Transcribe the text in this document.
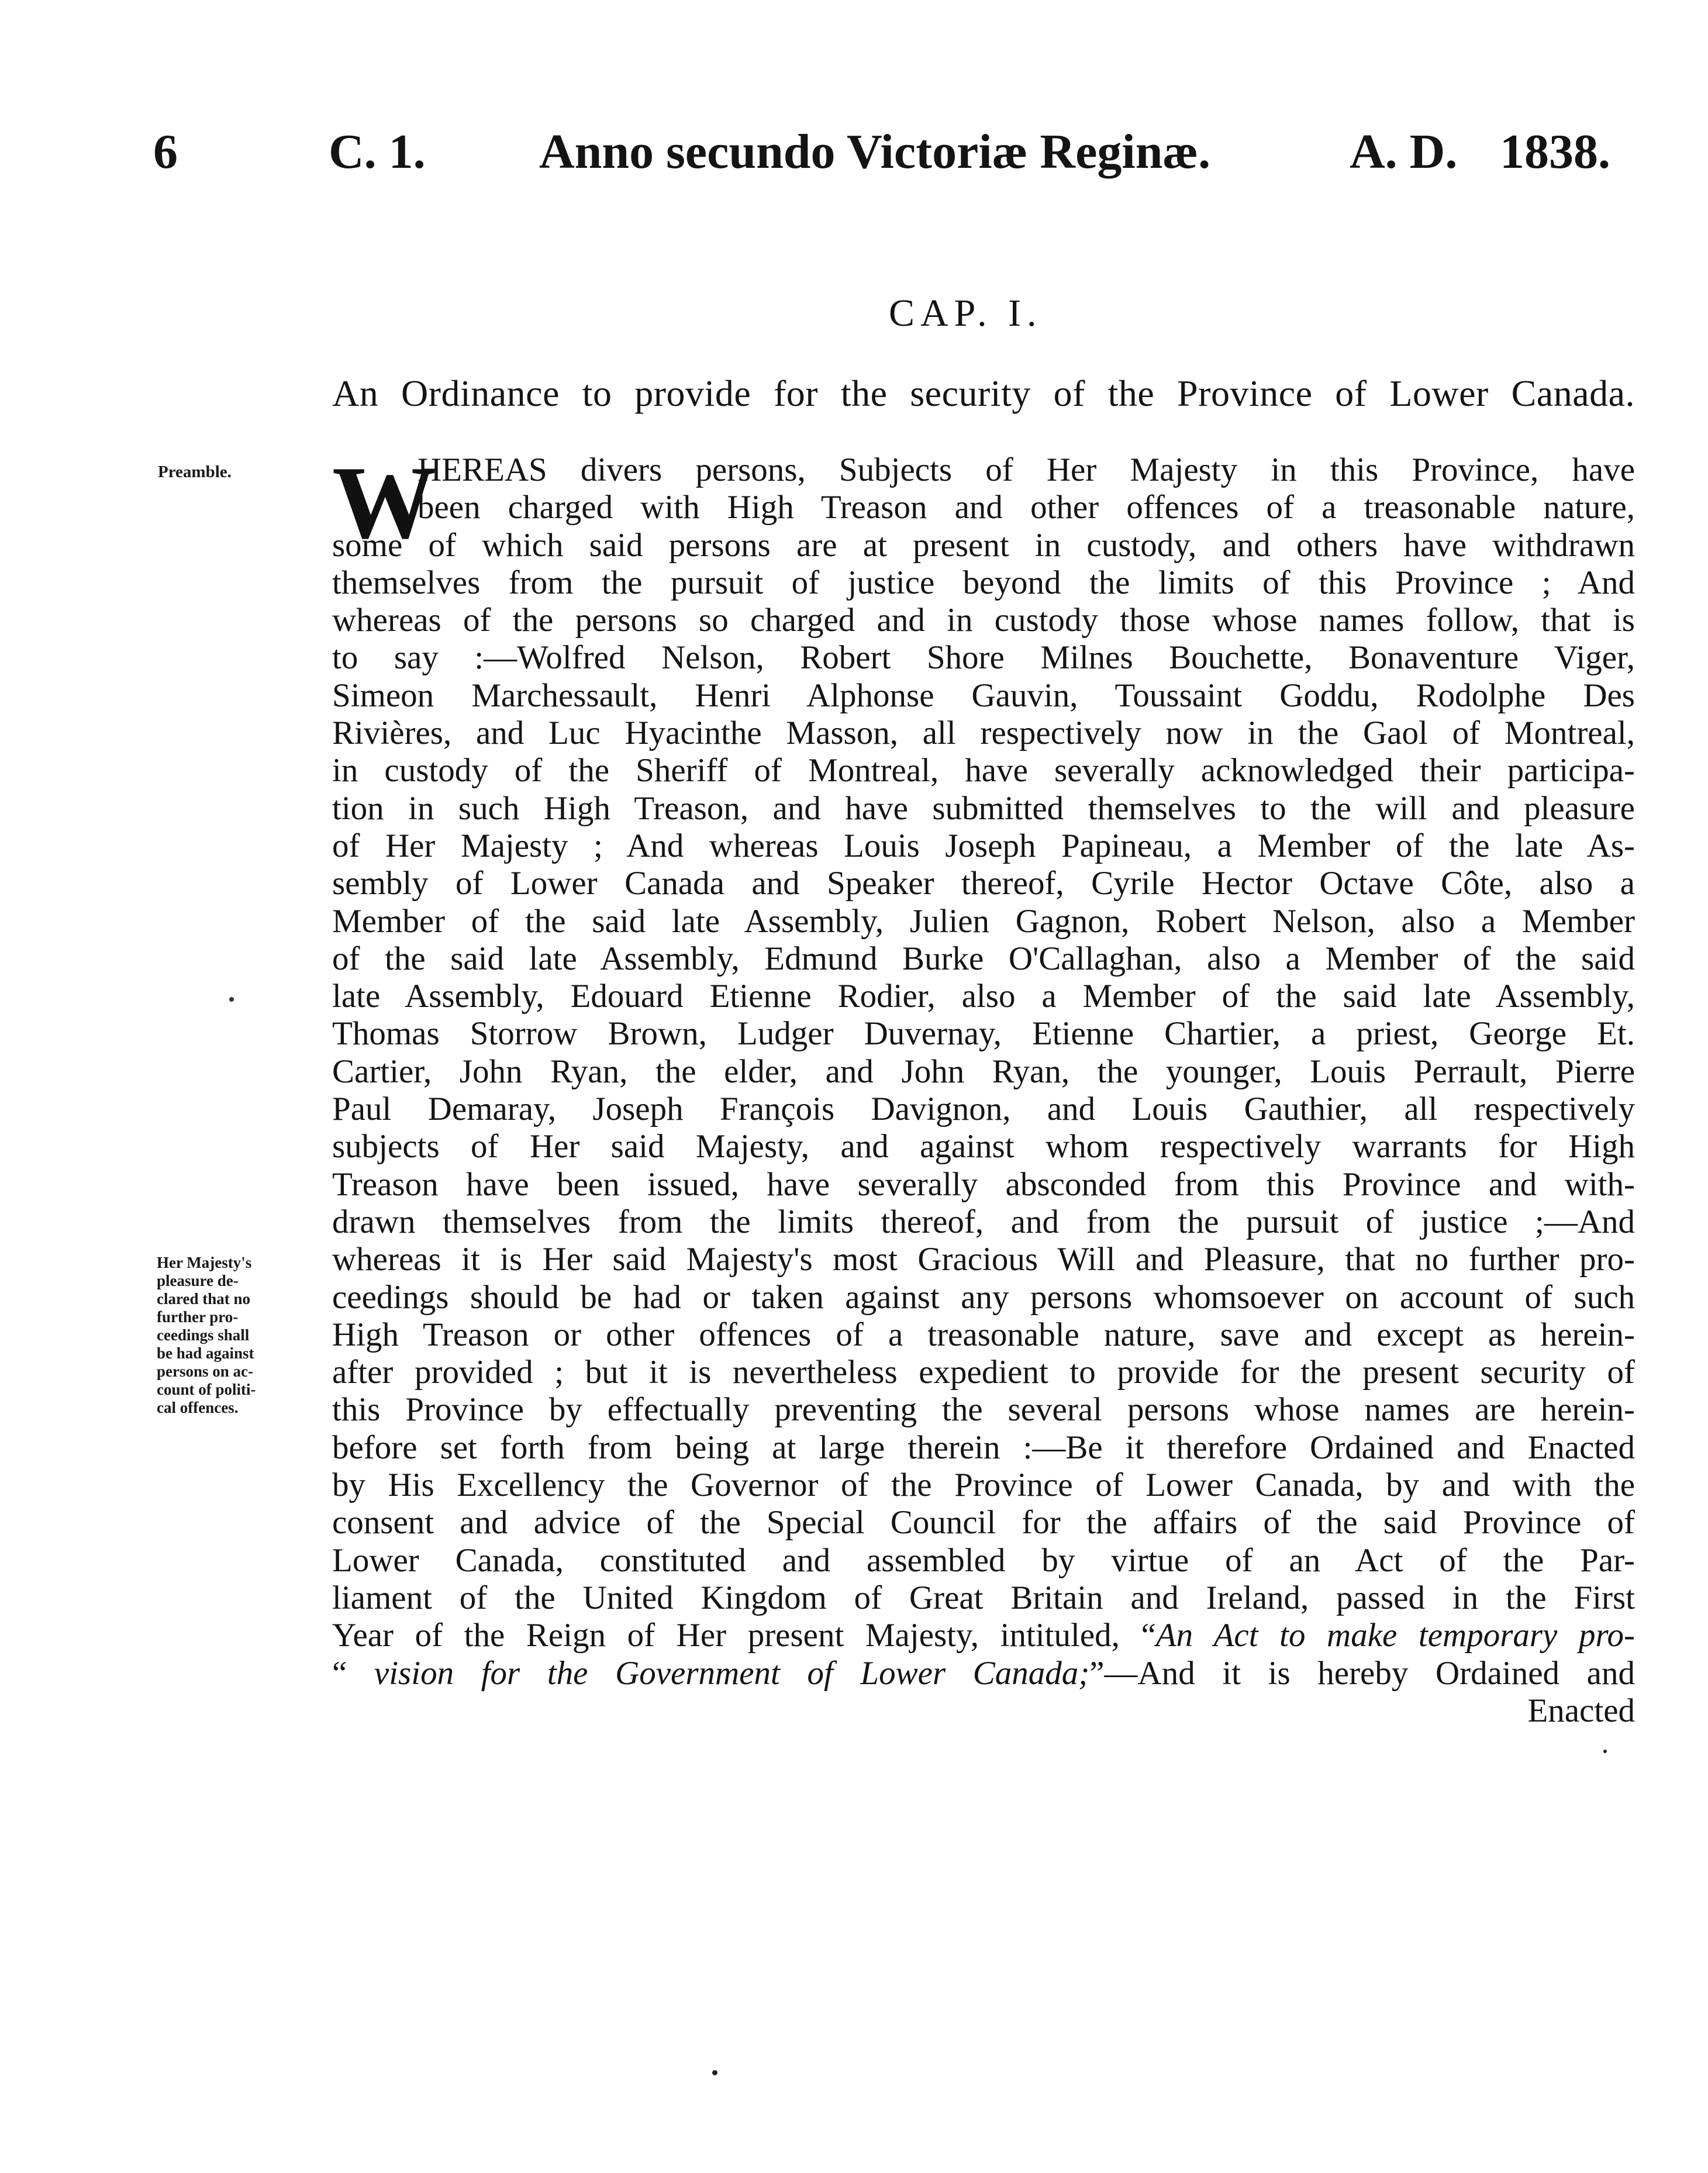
6	C. 1. Anno secundo Victoriæ Reginæ.	A. D. 1838.
CAP. I.
An Ordinance to provide for the security of the Province of Lower Canada.
Preamble.
Her Majesty's
pleasure de-
clared that no
further pro-
ceedings shall
be had against
persons on ac-
count of politi-
cal offences.
W
HEREAS divers persons, Subjects of Her Majesty in this Province, have
been charged with High Treason and other offences of a treasonable nature,
some of which said persons are at present in custody, and others have withdrawn
themselves from the pursuit of justice beyond the limits of this Province ; And
whereas of the persons so charged and in custody those whose names follow, that is
to say :—Wolfred Nelson, Robert Shore Milnes Bouchette, Bonaventure Viger,
Simeon Marchessault, Henri Alphonse Gauvin, Toussaint Goddu, Rodolphe Des
Rivières, and Luc Hyacinthe Masson, all respectively now in the Gaol of Montreal,
in custody of the Sheriff of Montreal, have severally acknowledged their participa-
tion in such High Treason, and have submitted themselves to the will and pleasure
of Her Majesty ; And whereas Louis Joseph Papineau, a Member of the late As-
sembly of Lower Canada and Speaker thereof, Cyrile Hector Octave Côte, also a
Member of the said late Assembly, Julien Gagnon, Robert Nelson, also a Member
of the said late Assembly, Edmund Burke O'Callaghan, also a Member of the said
late Assembly, Edouard Etienne Rodier, also a Member of the said late Assembly,
Thomas Storrow Brown, Ludger Duvernay, Etienne Chartier, a priest, George Et.
Cartier, John Ryan, the elder, and John Ryan, the younger, Louis Perrault, Pierre
Paul Demaray, Joseph François Davignon, and Louis Gauthier, all respectively
subjects of Her said Majesty, and against whom respectively warrants for High
Treason have been issued, have severally absconded from this Province and with-
drawn themselves from the limits thereof, and from the pursuit of justice ;—And
whereas it is Her said Majesty's most Gracious Will and Pleasure, that no further pro-
ceedings should be had or taken against any persons whomsoever on account of such
High Treason or other offences of a treasonable nature, save and except as herein-
after provided ; but it is nevertheless expedient to provide for the present security of
this Province by effectually preventing the several persons whose names are herein-
before set forth from being at large therein :—Be it therefore Ordained and Enacted
by His Excellency the Governor of the Province of Lower Canada, by and with the
consent and advice of the Special Council for the affairs of the said Province of
Lower Canada, constituted and assembled by virtue of an Act of the Par-
liament of the United Kingdom of Great Britain and Ireland, passed in the First
Year of the Reign of Her present Majesty, intituled, “An Act to make temporary pro-
“ vision for the Government of Lower Canada;”—And it is hereby Ordained and
Enacted
